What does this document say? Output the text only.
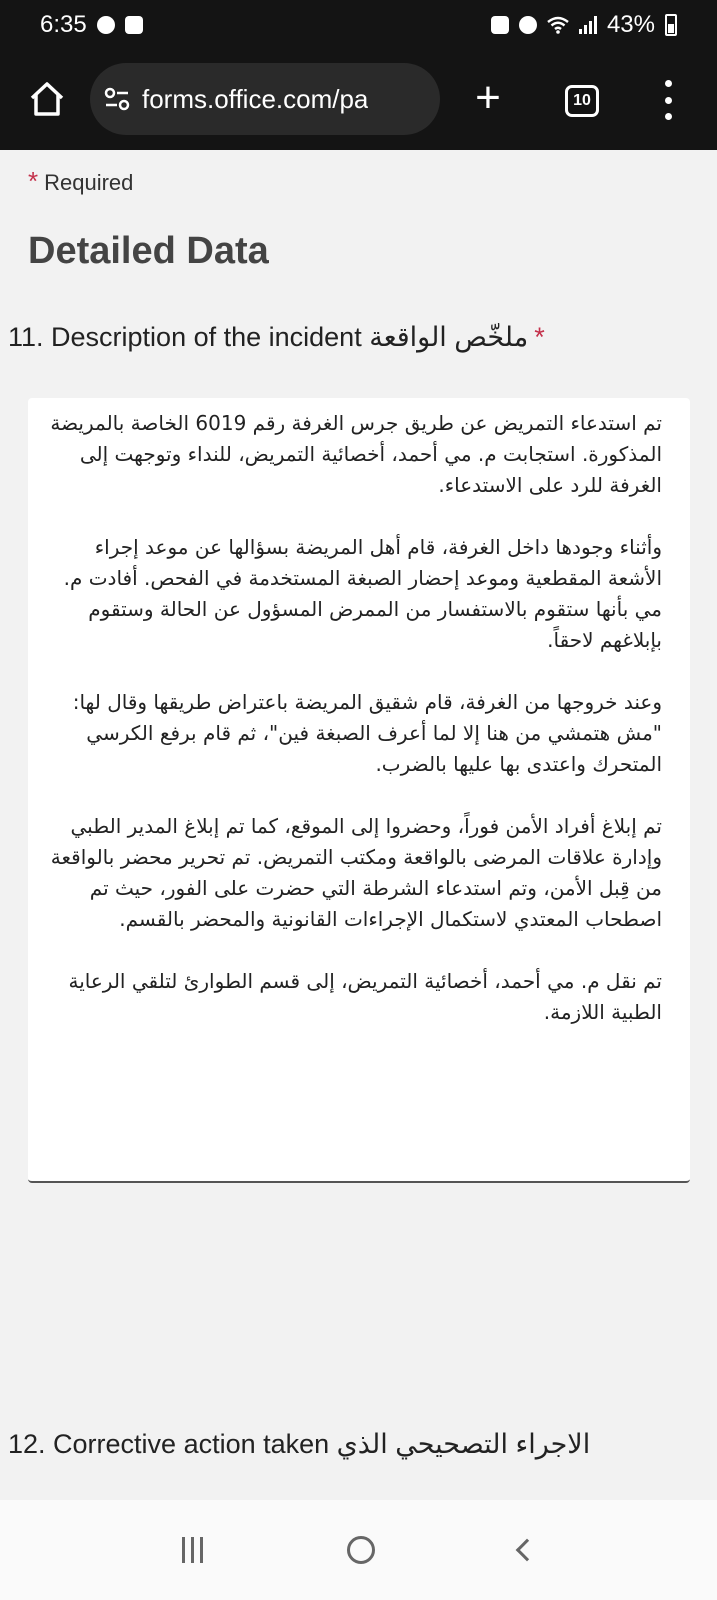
6:35	43%
forms.office.com/pa +	10
* Required
Detailed Data
11. Description of the incident ملخّص الواقعة *

تم استدعاء التمريض عن طريق جرس الغرفة رقم 6019 الخاصة بالمريضة المذكورة. استجابت م. مي أحمد، أخصائية التمريض، للنداء وتوجهت إلى الغرفة للرد على الاستدعاء.

وأثناء وجودها داخل الغرفة، قام أهل المريضة بسؤالها عن موعد إجراء الأشعة المقطعية وموعد إحضار الصبغة المستخدمة في الفحص. أفادت م. مي بأنها ستقوم بالاستفسار من الممرض المسؤول عن الحالة وستقوم بإبلاغهم لاحقاً.

وعند خروجها من الغرفة، قام شقيق المريضة باعتراض طريقها وقال لها: "مش هتمشي من هنا إلا لما أعرف الصبغة فين"، ثم قام برفع الكرسي المتحرك واعتدى بها عليها بالضرب.

تم إبلاغ أفراد الأمن فوراً، وحضروا إلى الموقع، كما تم إبلاغ المدير الطبي وإدارة علاقات المرضى بالواقعة ومكتب التمريض. تم تحرير محضر بالواقعة من قِبل الأمن، وتم استدعاء الشرطة التي حضرت على الفور، حيث تم اصطحاب المعتدي لاستكمال الإجراءات القانونية والمحضر بالقسم.

تم نقل م. مي أحمد، أخصائية التمريض، إلى قسم الطوارئ لتلقي الرعاية الطبية اللازمة.

12. Corrective action taken الاجراء التصحيحي الذي
